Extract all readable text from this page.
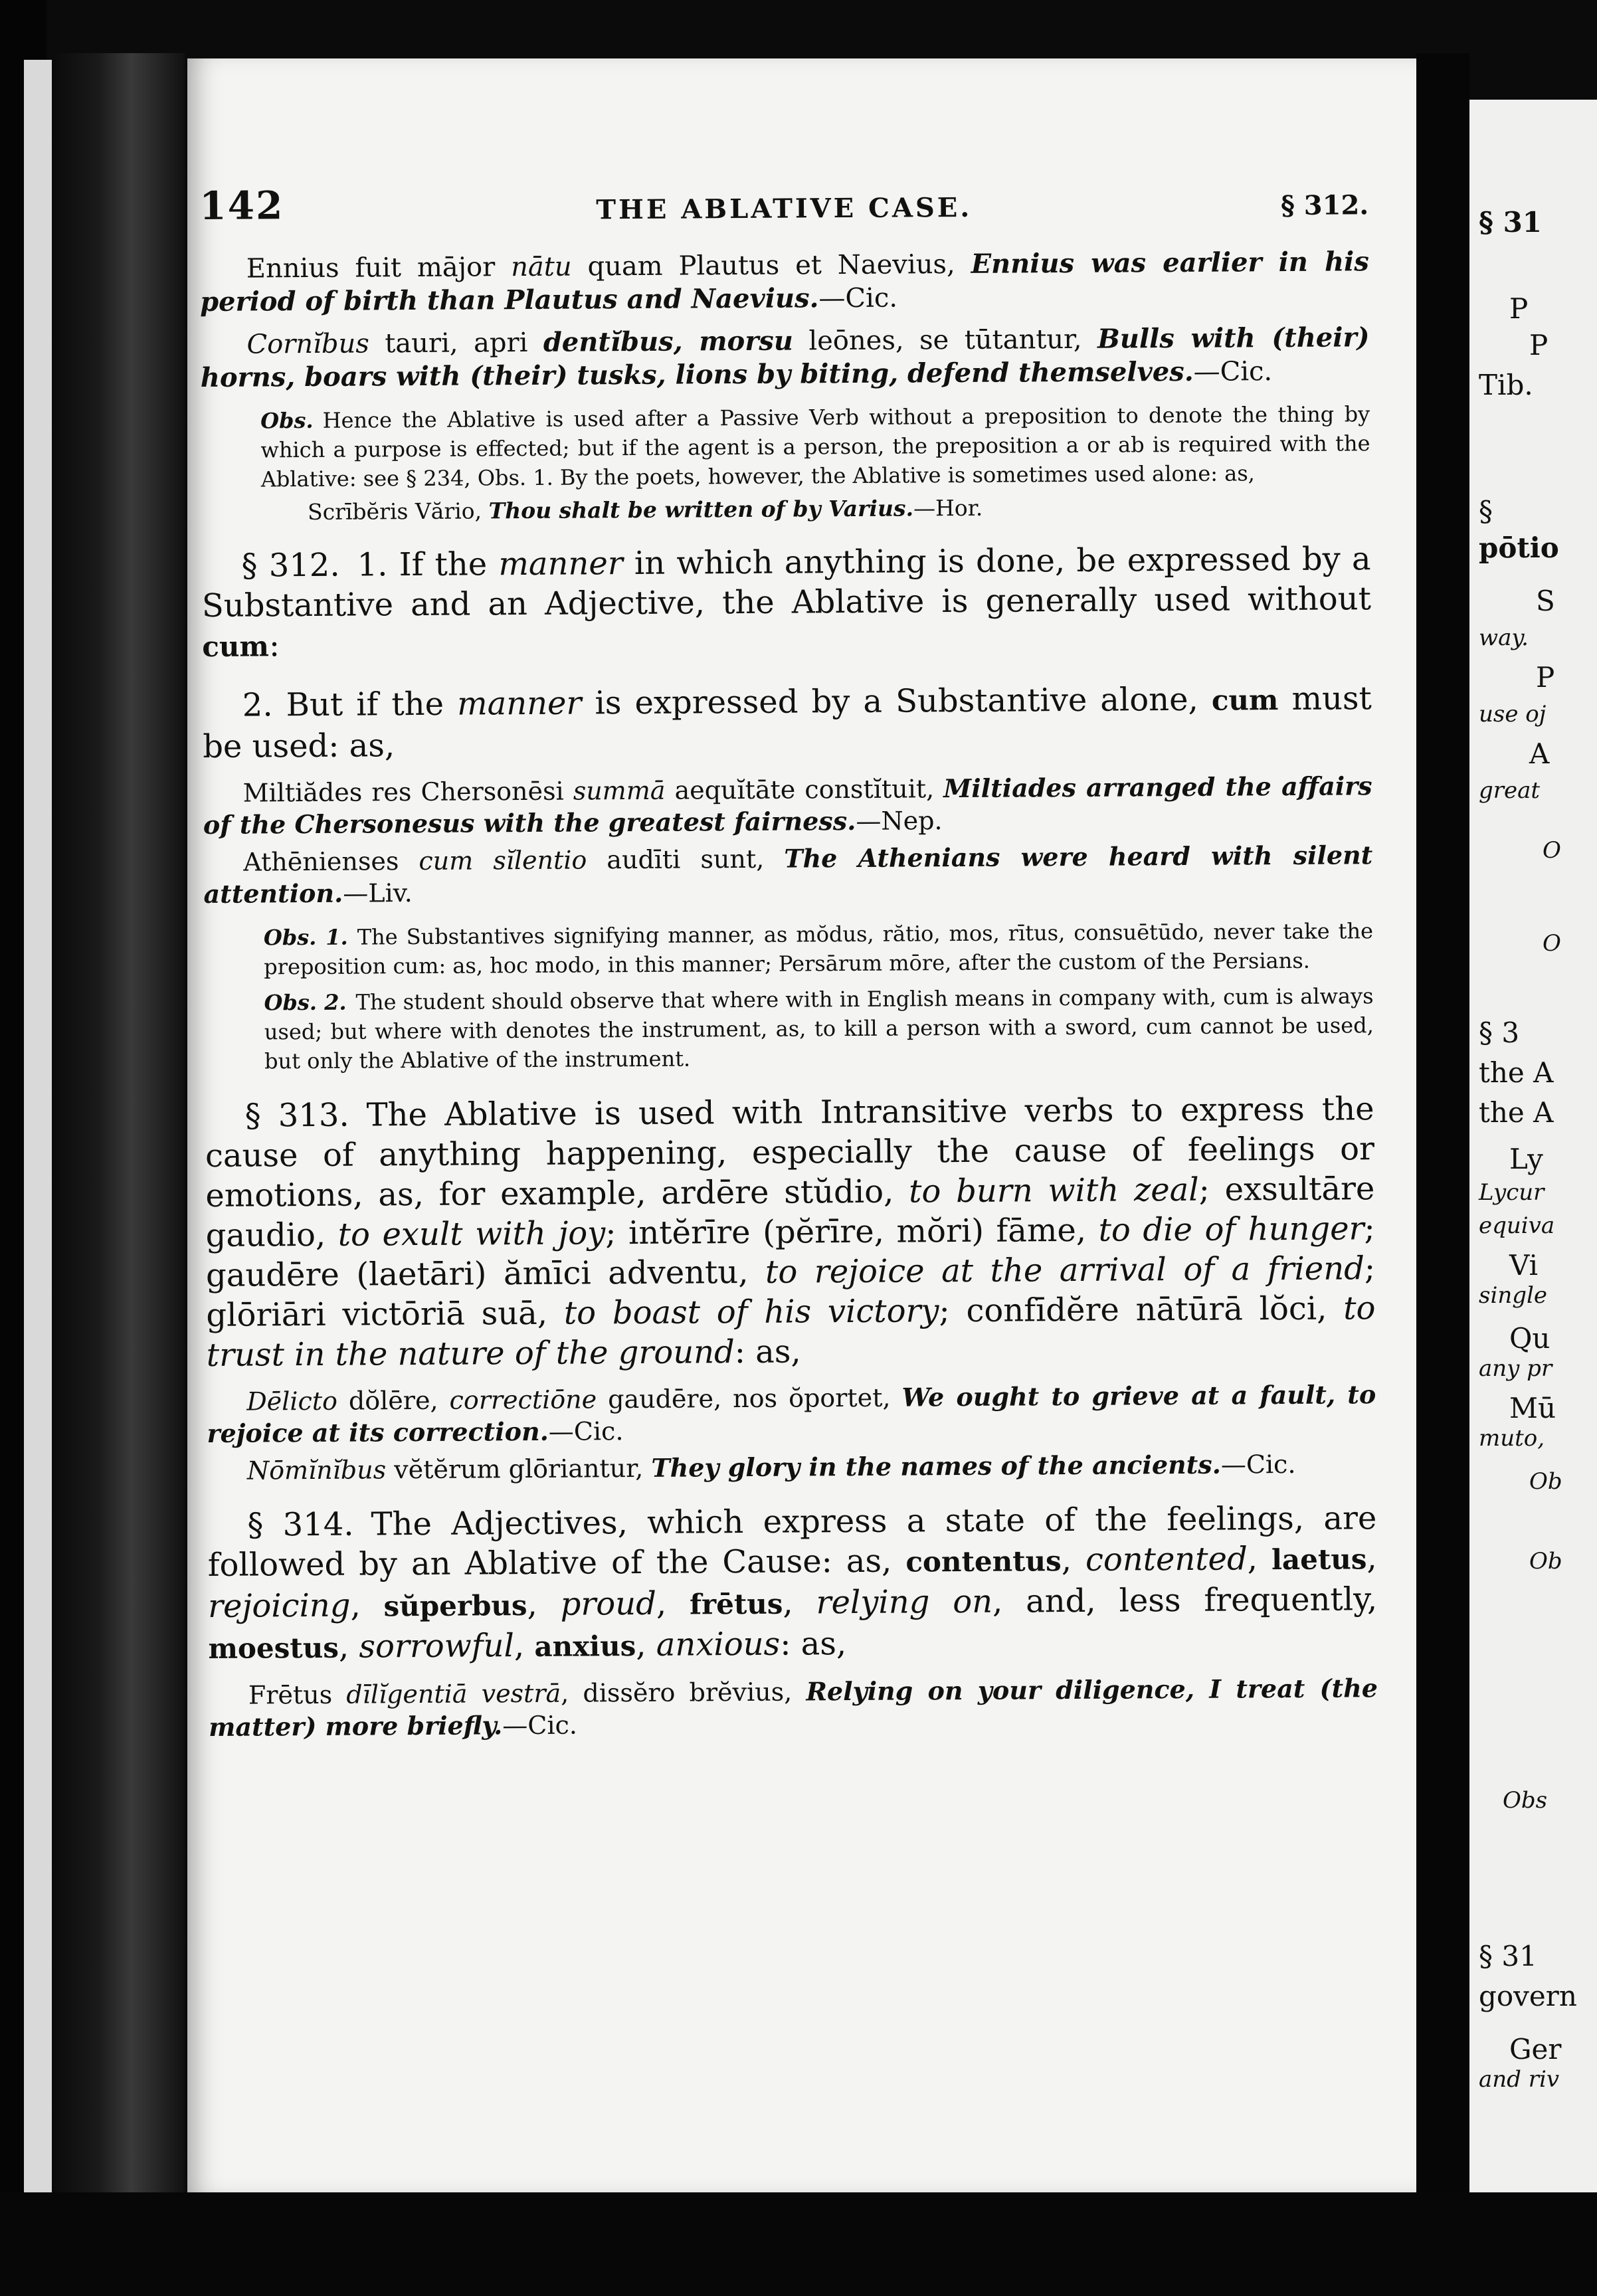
§ 31
P
P
Tib.
§
pōtio
S
way.
P
use oj
A
great
O
O
§ 3
the A
the A
Ly
Lycur
equiva
Vi
single
Qu
any pr
Mū
muto,
Ob
Ob
Obs
§ 31
govern
Ger
and riv
142	THE ABLATIVE CASE.	§ 312.

Ennius fuit mājor nātu quam Plautus et Naevius, Ennius was earlier in his period of birth than Plautus and Naevius.—Cic.

Cornĭbus tauri, apri dentĭbus, morsu leōnes, se tūtantur, Bulls with (their) horns, boars with (their) tusks, lions by biting, defend themselves.—Cic.

Obs. Hence the Ablative is used after a Passive Verb without a preposition to denote the thing by which a purpose is effected; but if the agent is a person, the preposition a or ab is required with the Ablative: see § 234, Obs. 1. By the poets, however, the Ablative is sometimes used alone: as,

Scrībĕris Vărio, Thou shalt be written of by Varius.—Hor.

§ 312. 1. If the manner in which anything is done, be expressed by a Substantive and an Adjective, the Ablative is generally used without cum:

2. But if the manner is expressed by a Substantive alone, cum must be used: as,

Miltiădes res Chersonēsi summā aequĭtāte constĭtuit, Miltiades arranged the affairs of the Chersonesus with the greatest fairness.—Nep.

Athēnienses cum sĭlentio audīti sunt, The Athenians were heard with silent attention.—Liv.

Obs. 1. The Substantives signifying manner, as mŏdus, rătio, mos, rītus, consuētūdo, never take the preposition cum: as, hoc modo, in this manner; Persārum mōre, after the custom of the Persians.

Obs. 2. The student should observe that where with in English means in company with, cum is always used; but where with denotes the instrument, as, to kill a person with a sword, cum cannot be used, but only the Ablative of the instrument.

§ 313. The Ablative is used with Intransitive verbs to express the cause of anything happening, especially the cause of feelings or emotions, as, for example, ardēre stŭdio, to burn with zeal; exsultāre gaudio, to exult with joy; intĕrīre (pĕrīre, mŏri) fāme, to die of hunger; gaudēre (laetāri) ămīci adventu, to rejoice at the arrival of a friend; glōriāri victōriā suā, to boast of his victory; confīdĕre nātūrā lŏci, to trust in the nature of the ground: as,

Dēlicto dŏlēre, correctiōne gaudēre, nos ŏportet, We ought to grieve at a fault, to rejoice at its correction.—Cic.

Nōmĭnĭbus vĕtĕrum glōriantur, They glory in the names of the ancients.—Cic.

§ 314. The Adjectives, which express a state of the feelings, are followed by an Ablative of the Cause: as, contentus, contented, laetus, rejoicing, sŭperbus, proud, frētus, relying on, and, less frequently, moestus, sorrowful, anxius, anxious: as,

Frētus dīlĭgentiā vestrā, dissĕro brĕvius, Relying on your diligence, I treat (the matter) more briefly.—Cic.
